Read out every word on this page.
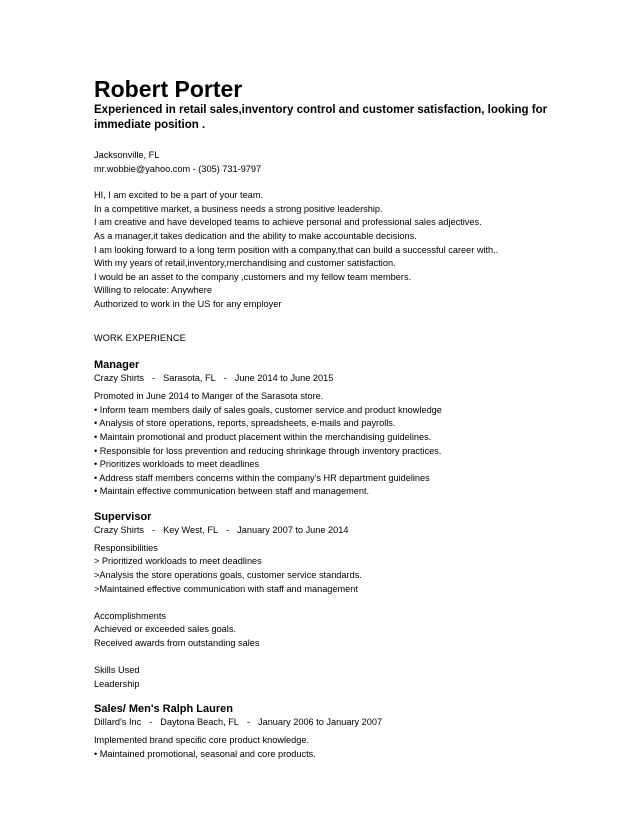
Robert Porter
Experienced in retail sales,inventory control and customer satisfaction, looking for immediate position .
Jacksonville, FL
mr.wobbie@yahoo.com - (305) 731-9797
HI, I am excited to be a part of your team.
In a competitive market, a business needs a strong positive leadership.
I am creative and have developed teams to achieve personal and professional sales adjectives.
As a manager,it takes dedication and the ability to make accountable decisions.
I am looking forward to a long term position with a company,that can build a successful career with..
With my years of retail,inventory,merchandising and customer satisfaction.
I would be an asset to the company ,customers and my fellow team members.
Willing to relocate: Anywhere
Authorized to work in the US for any employer
WORK EXPERIENCE
Manager
Crazy Shirts - Sarasota, FL - June 2014 to June 2015
Promoted in June 2014 to Manger of the Sarasota store.
• Inform team members daily of sales goals, customer service and product knowledge
• Analysis of store operations, reports, spreadsheets, e-mails and payrolls.
• Maintain promotional and product placement within the merchandising guidelines.
• Responsible for loss prevention and reducing shrinkage through inventory practices.
• Prioritizes workloads to meet deadlines
• Address staff members concerns within the company's HR department guidelines
• Maintain effective communication between staff and management.
Supervisor
Crazy Shirts - Key West, FL - January 2007 to June 2014
Responsibilities
> Prioritized workloads to meet deadlines
>Analysis the store operations goals, customer service standards.
>Maintained effective communication with staff and management
Accomplishments
Achieved or exceeded sales goals.
Received awards from outstanding sales
Skills Used
Leadership
Sales/ Men's Ralph Lauren
Dillard's Inc - Daytona Beach, FL - January 2006 to January 2007
Implemented brand specific core product knowledge.
• Maintained promotional, seasonal and core products.
